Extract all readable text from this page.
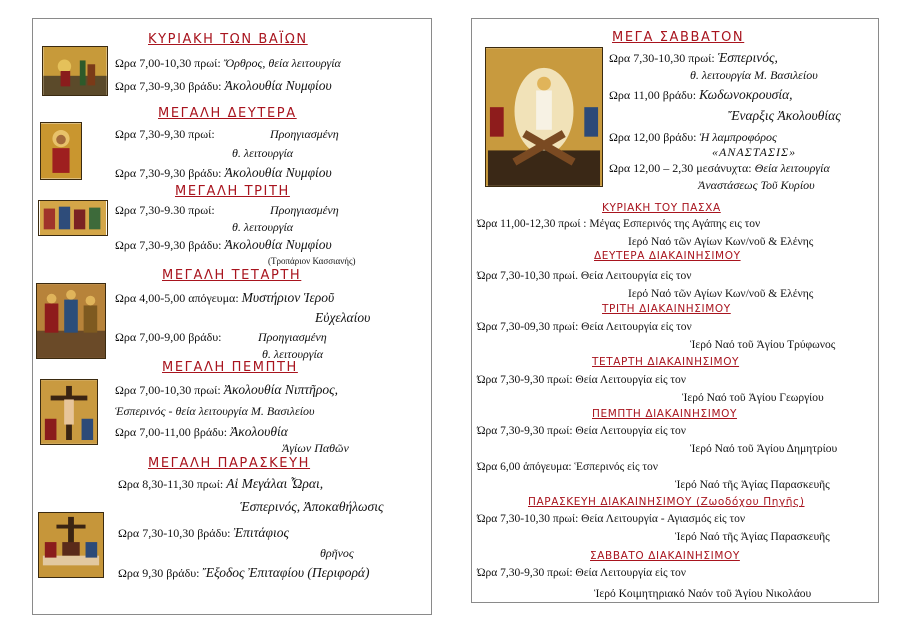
ΚΥΡΙΑΚΗ ΤΩΝ ΒΑΪΩΝ
Ωρα 7,00-10,30 πρωί: Ὄρθρος, θεία λειτουργία
Ωρα 7,30-9,30 βράδυ: Ἀκολουθία Νυμφίου
ΜΕΓΑΛΗ ΔΕΥΤΕΡΑ
Ωρα 7,30-9,30 πρωί:	Προηγιασμένη
θ. λειτουργία
Ωρα 7,30-9,30 βράδυ: Ἀκολουθία Νυμφίου
ΜΕΓΑΛΗ ΤΡΙΤΗ
Ωρα 7,30-9.30 πρωί:	Προηγιασμένη
θ. λειτουργία
Ωρα 7,30-9,30 βράδυ: Ἀκολουθία Νυμφίου
(Τροπάριον Κασσιανής)
ΜΕΓΑΛΗ ΤΕΤΑΡΤΗ
Ωρα 4,00-5,00 απόγευμα: Μυστήριον Ἱεροῦ
Εὐχελαίου
Ωρα 7,00-9,00 βράδυ:	Προηγιασμένη
θ. λειτουργία
ΜΕΓΑΛΗ ΠΕΜΠΤΗ
Ωρα 7,00-10,30 πρωί: Ἀκολουθία Νιπτῆρος,
Ἑσπερινός - θεία λειτουργία Μ. Βασιλείου
Ωρα 7,00-11,00 βράδυ: Ἀκολουθία
Ἁγίων Παθῶν
ΜΕΓΑΛΗ ΠΑΡΑΣΚΕΥΗ
Ωρα 8,30-11,30 πρωί: Αἱ Μεγάλαι Ὧραι,
Ἑσπερινός, Ἀποκαθήλωσις
Ωρα 7,30-10,30 βράδυ: Ἐπιτάφιος
θρῆνος
Ωρα 9,30 βράδυ: Ἔξοδος Ἐπιταφίου (Περιφορά)
ΜΕΓΑ ΣΑΒΒΑΤΟΝ
Ωρα 7,30-10,30 πρωί: Ἑσπερινός,
θ. λειτουργία Μ. Βασιλείου
Ωρα 11,00 βράδυ: Κωδωνοκρουσία,
Ἔναρξις Ἀκολουθίας
Ωρα 12,00 βράδυ: Ἡ λαμπροφόρος
«ΑΝΑΣΤΑΣΙΣ»
Ωρα 12,00 – 2,30 μεσάνυχτα: Θεία λειτουργία
Ἀναστάσεως Τοῦ Κυρίου
ΚΥΡΙΑΚΗ ΤΟΥ ΠΑΣΧΑ
Ώρα 11,00-12,30 πρωί : Μέγας Εσπερινός της Αγάπης εις τον
Ιερό Ναό τῶν Αγίων Κων/νοῦ & Ελένης
ΔΕΥΤΕΡΑ ΔΙΑΚΑΙΝΗΣΙΜΟΥ
Ώρα 7,30-10,30 πρωί. Θεία Λειτουργία εἰς τον
Ιερό Ναό τῶν Αγίων Κων/νοῦ & Ελένης
ΤΡΙΤΗ ΔΙΑΚΑΙΝΗΣΙΜΟΥ
Ώρα 7,30-09,30 πρωί: Θεία Λειτουργία εἰς τον
Ἱερό Ναό τοῦ Ἁγίου Τρύφωνος
ΤΕΤΑΡΤΗ ΔΙΑΚΑΙΝΗΣΙΜΟΥ
Ώρα 7,30-9,30 πρωί: Θεία Λειτουργία εἰς τον
Ἱερό Ναό τοῦ Ἁγίου Γεωργίου
ΠΕΜΠΤΗ ΔΙΑΚΑΙΝΗΣΙΜΟΥ
Ώρα 7,30-9,30 πρωί: Θεία Λειτουργία εἰς τον
Ἱερό Ναό τοῦ Ἁγίου Δημητρίου
Ώρα 6,00 ἀπόγευμα: Ἑσπερινός εἰς τον
Ἱερό Ναό τῆς Ἁγίας Παρασκευῆς
ΠΑΡΑΣΚΕΥΗ ΔΙΑΚΑΙΝΗΣΙΜΟΥ (Ζωοδόχου Πηγῆς)
Ώρα 7,30-10,30 πρωί: Θεία Λειτουργία - Αγιασμός εἰς τον
Ἱερό Ναό τῆς Ἁγίας Παρασκευῆς
ΣΑΒΒΑΤΟ ΔΙΑΚΑΙΝΗΣΙΜΟΥ
Ώρα 7,30-9,30 πρωί: Θεία Λειτουργία εἰς τον
Ἱερό Κοιμητηριακό Ναόν τοῦ Ἁγίου Νικολάου
